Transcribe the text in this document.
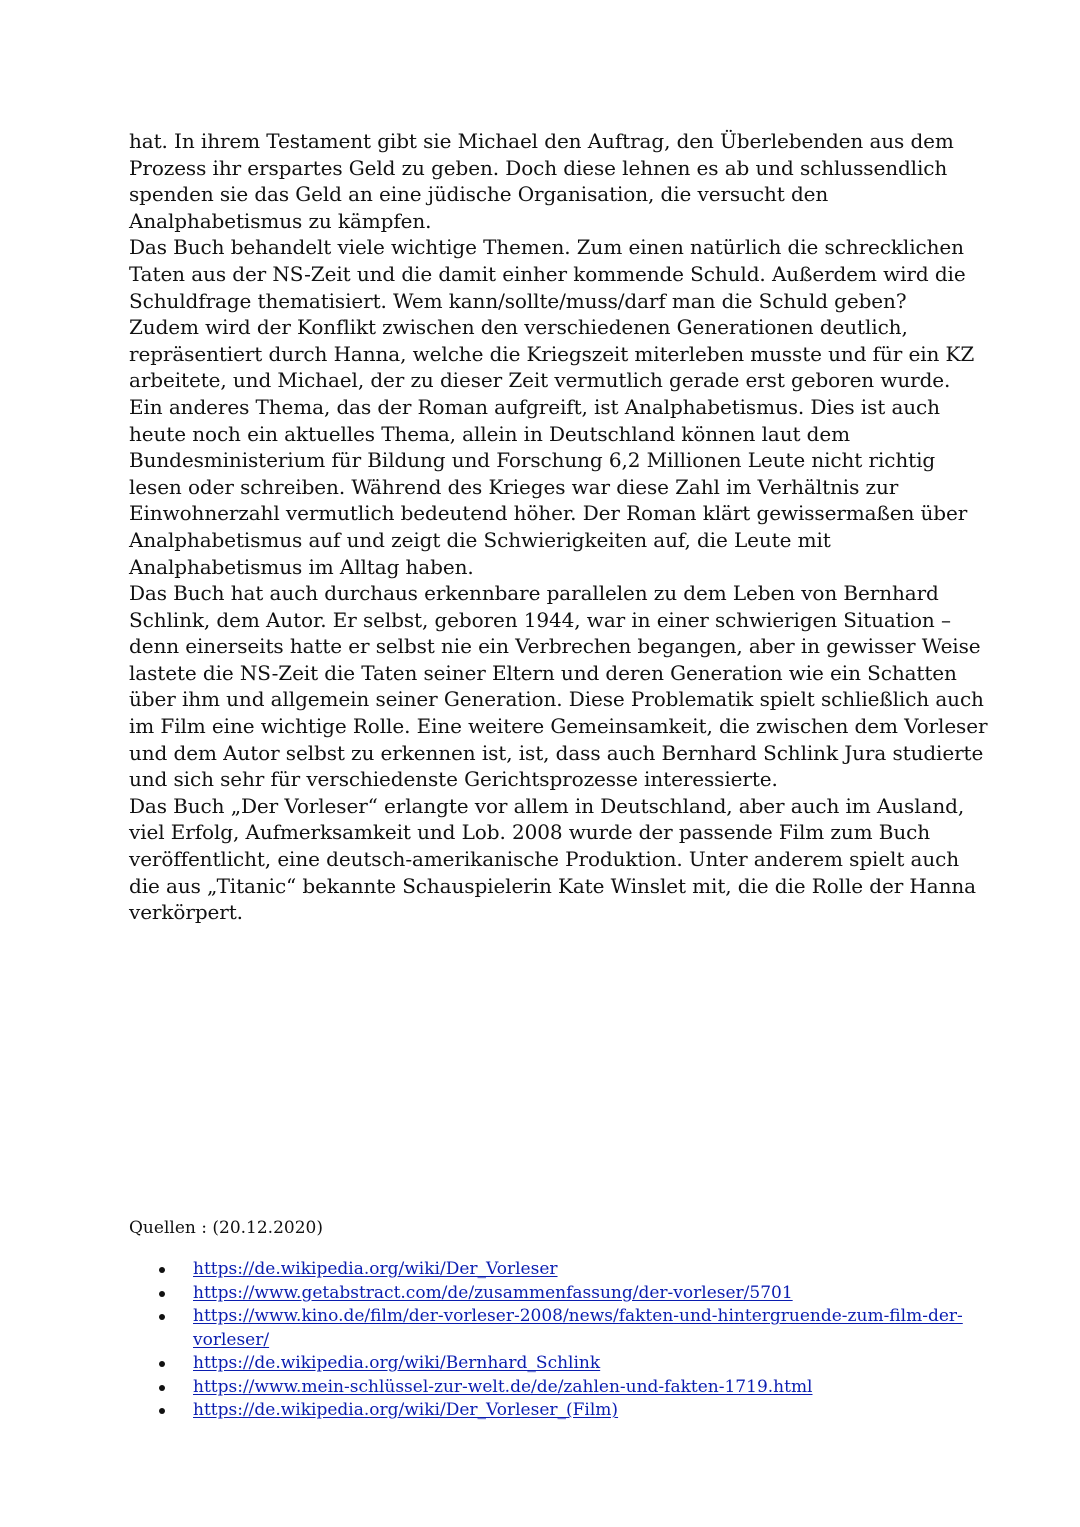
hat. In ihrem Testament gibt sie Michael den Auftrag, den Überlebenden aus dem
Prozess ihr erspartes Geld zu geben. Doch diese lehnen es ab und schlussendlich
spenden sie das Geld an eine jüdische Organisation, die versucht den
Analphabetismus zu kämpfen.
Das Buch behandelt viele wichtige Themen. Zum einen natürlich die schrecklichen
Taten aus der NS-Zeit und die damit einher kommende Schuld. Außerdem wird die
Schuldfrage thematisiert. Wem kann/sollte/muss/darf man die Schuld geben?
Zudem wird der Konflikt zwischen den verschiedenen Generationen deutlich,
repräsentiert durch Hanna, welche die Kriegszeit miterleben musste und für ein KZ
arbeitete, und Michael, der zu dieser Zeit vermutlich gerade erst geboren wurde.
Ein anderes Thema, das der Roman aufgreift, ist Analphabetismus. Dies ist auch
heute noch ein aktuelles Thema, allein in Deutschland können laut dem
Bundesministerium für Bildung und Forschung 6,2 Millionen Leute nicht richtig
lesen oder schreiben. Während des Krieges war diese Zahl im Verhältnis zur
Einwohnerzahl vermutlich bedeutend höher. Der Roman klärt gewissermaßen über
Analphabetismus auf und zeigt die Schwierigkeiten auf, die Leute mit
Analphabetismus im Alltag haben.
Das Buch hat auch durchaus erkennbare parallelen zu dem Leben von Bernhard
Schlink, dem Autor. Er selbst, geboren 1944, war in einer schwierigen Situation –
denn einerseits hatte er selbst nie ein Verbrechen begangen, aber in gewisser Weise
lastete die NS-Zeit die Taten seiner Eltern und deren Generation wie ein Schatten
über ihm und allgemein seiner Generation. Diese Problematik spielt schließlich auch
im Film eine wichtige Rolle. Eine weitere Gemeinsamkeit, die zwischen dem Vorleser
und dem Autor selbst zu erkennen ist, ist, dass auch Bernhard Schlink Jura studierte
und sich sehr für verschiedenste Gerichtsprozesse interessierte.
Das Buch „Der Vorleser“ erlangte vor allem in Deutschland, aber auch im Ausland,
viel Erfolg, Aufmerksamkeit und Lob. 2008 wurde der passende Film zum Buch
veröffentlicht, eine deutsch-amerikanische Produktion. Unter anderem spielt auch
die aus „Titanic“ bekannte Schauspielerin Kate Winslet mit, die die Rolle der Hanna
verkörpert.
Quellen : (20.12.2020)
https://de.wikipedia.org/wiki/Der_Vorleser
https://www.getabstract.com/de/zusammenfassung/der-vorleser/5701
https://www.kino.de/film/der-vorleser-2008/news/fakten-und-hintergruende-zum-film-der-
vorleser/
https://de.wikipedia.org/wiki/Bernhard_Schlink
https://www.mein-schlüssel-zur-welt.de/de/zahlen-und-fakten-1719.html
https://de.wikipedia.org/wiki/Der_Vorleser_(Film)
